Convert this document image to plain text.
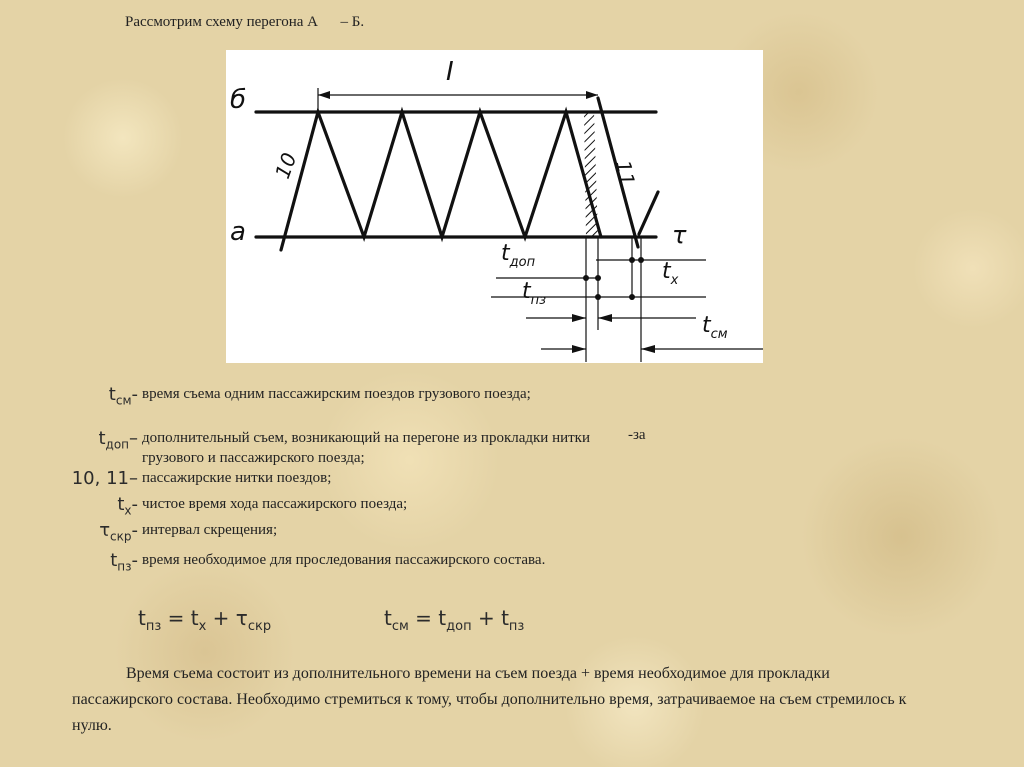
Рассмотрим схему перегона А      – Б.
б
а
I
10	11
τ
$t_{доп}$	$t_х$
$t_{пз}$
$t_{см}$
$t_{см}-$ время съема одним пассажирским поездов грузового поезда;
$t_{доп}-$ дополнительный съем, возникающий на перегоне из прокладки нитки грузового и пассажирского поезда;
10, 11– пассажирские нитки поездов;
$t_х-$ чистое время хода пассажирского поезда;
$\tau_{скр}-$ интервал скрещения;
$t_{пз}-$ время необходимое для проследования пассажирского состава.
-за
$t_{пз} = t_х + \tau_{скр}$	$t_{см} = t_{доп} + t_{пз}$
Время съема состоит из дополнительного времени на съем поезда + время необходимое для прокладки пассажирского состава. Необходимо стремиться к тому, чтобы дополнительно время, затрачиваемое на съем стремилось к нулю.
